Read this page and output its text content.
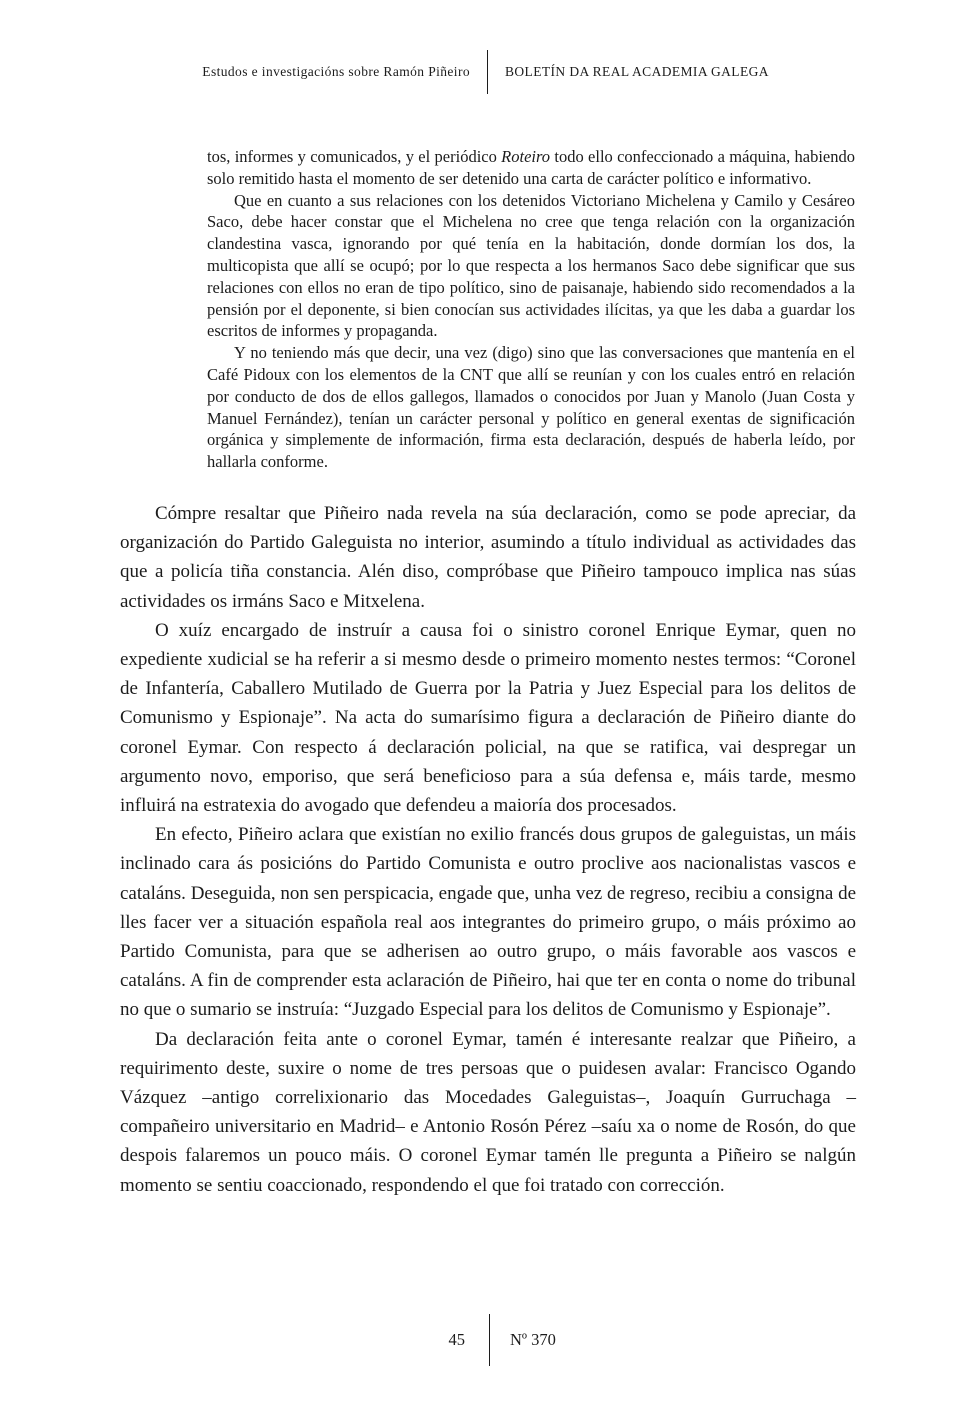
Estudos e investigacións sobre Ramón Piñeiro	BOLETÍN DA REAL ACADEMIA GALEGA

tos, informes y comunicados, y el periódico Roteiro todo ello confeccionado a máquina, habiendo solo remitido hasta el momento de ser detenido una carta de carácter político e informativo.

Que en cuanto a sus relaciones con los detenidos Victoriano Michelena y Camilo y Cesáreo Saco, debe hacer constar que el Michelena no cree que tenga relación con la organización clandestina vasca, ignorando por qué tenía en la habitación, donde dormían los dos, la multicopista que allí se ocupó; por lo que respecta a los hermanos Saco debe significar que sus relaciones con ellos no eran de tipo político, sino de paisanaje, habiendo sido recomendados a la pensión por el deponente, si bien conocían sus actividades ilícitas, ya que les daba a guardar los escritos de informes y propaganda.

Y no teniendo más que decir, una vez (digo) sino que las conversaciones que mantenía en el Café Pidoux con los elementos de la CNT que allí se reunían y con los cuales entró en relación por conducto de dos de ellos gallegos, llamados o conocidos por Juan y Manolo (Juan Costa y Manuel Fernández), tenían un carácter personal y político en general exentas de significación orgánica y simplemente de información, firma esta declaración, después de haberla leído, por hallarla conforme.

Cómpre resaltar que Piñeiro nada revela na súa declaración, como se pode apreciar, da organización do Partido Galeguista no interior, asumindo a título individual as actividades das que a policía tiña constancia. Alén diso, compróbase que Piñeiro tampouco implica nas súas actividades os irmáns Saco e Mitxelena.

O xuíz encargado de instruír a causa foi o sinistro coronel Enrique Eymar, quen no expediente xudicial se ha referir a si mesmo desde o primeiro momento nestes termos: “Coronel de Infantería, Caballero Mutilado de Guerra por la Patria y Juez Especial para los delitos de Comunismo y Espionaje”. Na acta do sumarísimo figura a declaración de Piñeiro diante do coronel Eymar. Con respecto á declaración policial, na que se ratifica, vai despregar un argumento novo, emporiso, que será beneficioso para a súa defensa e, máis tarde, mesmo influirá na estratexia do avogado que defendeu a maioría dos procesados.

En efecto, Piñeiro aclara que existían no exilio francés dous grupos de galeguistas, un máis inclinado cara ás posicións do Partido Comunista e outro proclive aos nacionalistas vascos e cataláns. Deseguida, non sen perspicacia, engade que, unha vez de regreso, recibiu a consigna de lles facer ver a situación española real aos integrantes do primeiro grupo, o máis próximo ao Partido Comunista, para que se adherisen ao outro grupo, o máis favorable aos vascos e cataláns. A fin de comprender esta aclaración de Piñeiro, hai que ter en conta o nome do tribunal no que o sumario se instruía: “Juzgado Especial para los delitos de Comunismo y Espionaje”.

Da declaración feita ante o coronel Eymar, tamén é interesante realzar que Piñeiro, a requirimento deste, suxire o nome de tres persoas que o puidesen avalar: Francisco Ogando Vázquez –antigo correlixionario das Mocedades Galeguistas–, Joaquín Gurruchaga –compañeiro universitario en Madrid– e Antonio Rosón Pérez –saíu xa o nome de Rosón, do que despois falaremos un pouco máis. O coronel Eymar tamén lle pregunta a Piñeiro se nalgún momento se sentiu coaccionado, respondendo el que foi tratado con corrección.

45	Nº 370
